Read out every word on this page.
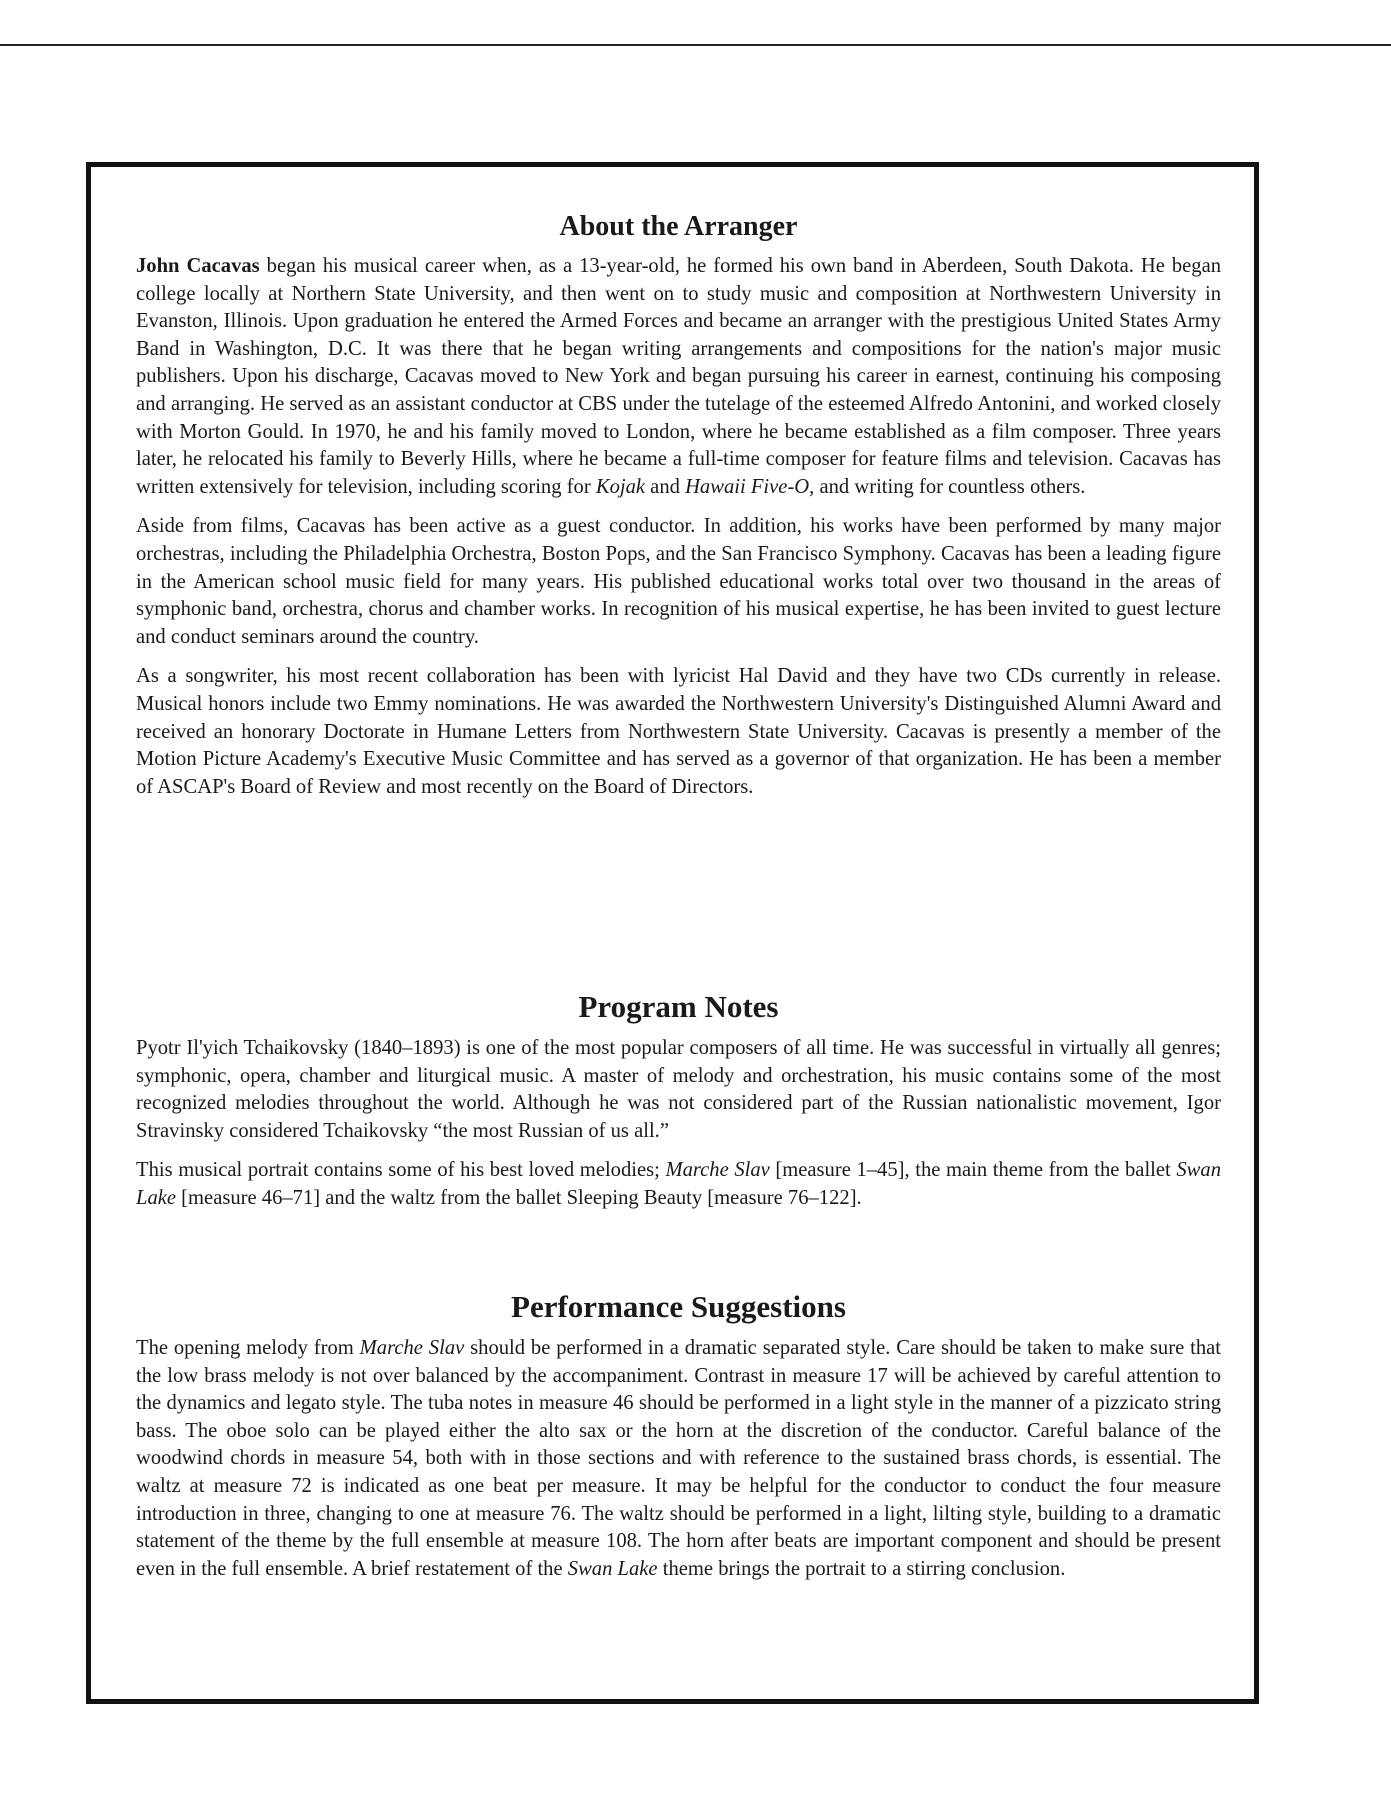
About the Arranger

John Cacavas began his musical career when, as a 13-year-old, he formed his own band in Aberdeen, South Dakota. He began college locally at Northern State University, and then went on to study music and composition at Northwestern University in Evanston, Illinois. Upon graduation he entered the Armed Forces and became an arranger with the prestigious United States Army Band in Washington, D.C. It was there that he began writing arrangements and compositions for the nation's major music publishers. Upon his discharge, Cacavas moved to New York and began pursuing his career in earnest, continuing his composing and arranging. He served as an assistant conductor at CBS under the tutelage of the esteemed Alfredo Antonini, and worked closely with Morton Gould. In 1970, he and his family moved to London, where he became established as a film composer. Three years later, he relocated his family to Beverly Hills, where he became a full-time composer for feature films and television. Cacavas has written extensively for television, including scoring for Kojak and Hawaii Five-O, and writing for countless others.

Aside from films, Cacavas has been active as a guest conductor. In addition, his works have been performed by many major orchestras, including the Philadelphia Orchestra, Boston Pops, and the San Francisco Symphony. Cacavas has been a leading figure in the American school music field for many years. His published educational works total over two thousand in the areas of symphonic band, orchestra, chorus and chamber works. In recognition of his musical expertise, he has been invited to guest lecture and conduct seminars around the country.

As a songwriter, his most recent collaboration has been with lyricist Hal David and they have two CDs currently in release. Musical honors include two Emmy nominations. He was awarded the Northwestern University's Distinguished Alumni Award and received an honorary Doctorate in Humane Letters from Northwestern State University. Cacavas is presently a member of the Motion Picture Academy's Executive Music Committee and has served as a governor of that organization. He has been a member of ASCAP's Board of Review and most recently on the Board of Directors.

Program Notes

Pyotr Il'yich Tchaikovsky (1840–1893) is one of the most popular composers of all time. He was successful in virtually all genres; symphonic, opera, chamber and liturgical music. A master of melody and orchestration, his music contains some of the most recognized melodies throughout the world. Although he was not considered part of the Russian nationalistic movement, Igor Stravinsky considered Tchaikovsky “the most Russian of us all.”

This musical portrait contains some of his best loved melodies; Marche Slav [measure 1–45], the main theme from the ballet Swan Lake [measure 46–71] and the waltz from the ballet Sleeping Beauty [measure 76–122].

Performance Suggestions

The opening melody from Marche Slav should be performed in a dramatic separated style. Care should be taken to make sure that the low brass melody is not over balanced by the accompaniment. Contrast in measure 17 will be achieved by careful attention to the dynamics and legato style. The tuba notes in measure 46 should be performed in a light style in the manner of a pizzicato string bass. The oboe solo can be played either the alto sax or the horn at the discretion of the conductor. Careful balance of the woodwind chords in measure 54, both with in those sections and with reference to the sustained brass chords, is essential. The waltz at measure 72 is indicated as one beat per measure. It may be helpful for the conductor to conduct the four measure introduction in three, changing to one at measure 76. The waltz should be performed in a light, lilting style, building to a dramatic statement of the theme by the full ensemble at measure 108. The horn after beats are important component and should be present even in the full ensemble. A brief restatement of the Swan Lake theme brings the portrait to a stirring conclusion.
